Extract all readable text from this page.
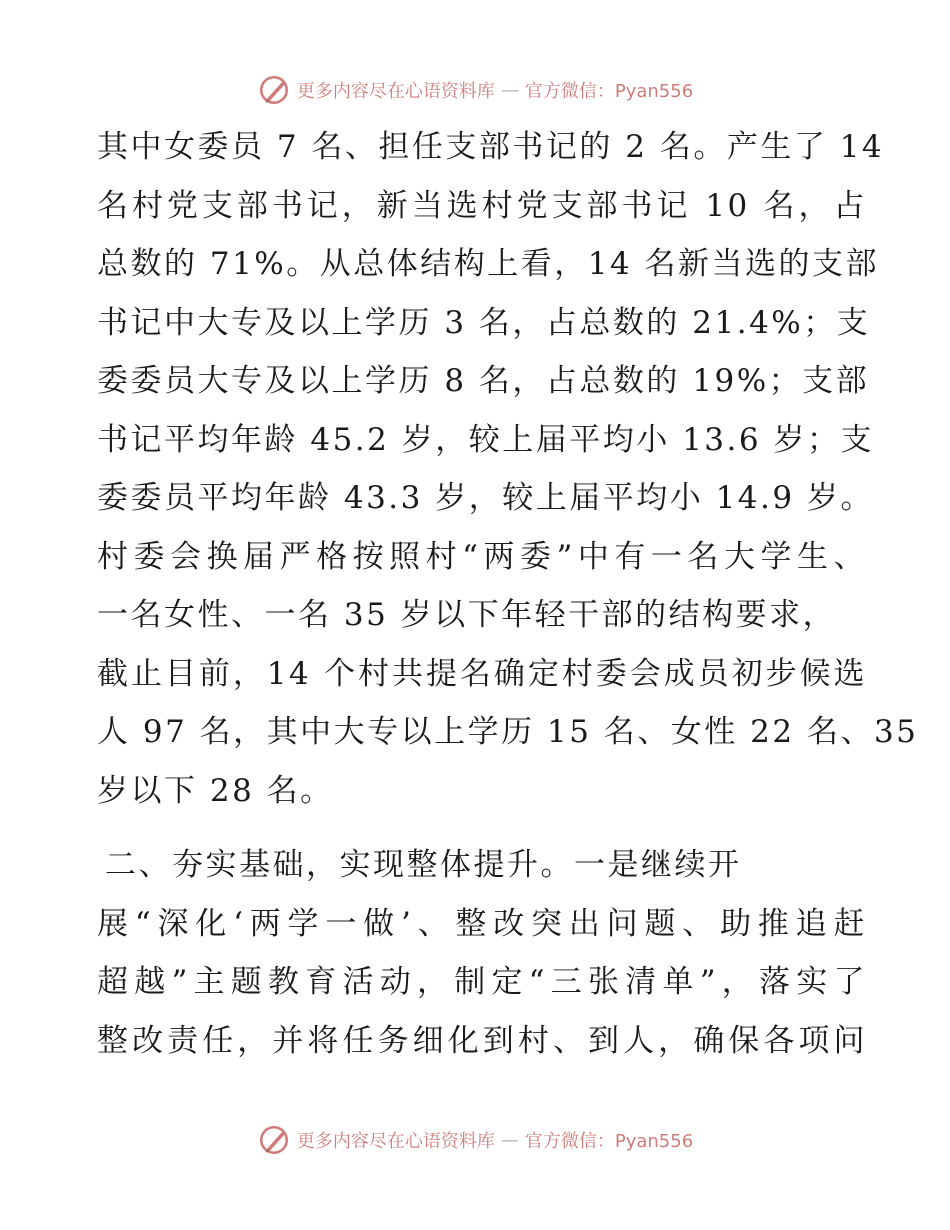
更多内容尽在心语资料库 — 官方微信：Pyan556
其中女委员 7 名、担任支部书记的 2 名。产生了 14
名村党支部书记，新当选村党支部书记 10 名，占
总数的 71%。从总体结构上看，14 名新当选的支部
书记中大专及以上学历 3 名，占总数的 21.4%；支
委委员大专及以上学历 8 名，占总数的 19%；支部
书记平均年龄 45.2 岁，较上届平均小 13.6 岁；支
委委员平均年龄 43.3 岁，较上届平均小 14.9 岁。
村委会换届严格按照村“两委”中有一名大学生、
一名女性、一名 35 岁以下年轻干部的结构要求，
截止目前，14 个村共提名确定村委会成员初步候选
人 97 名，其中大专以上学历 15 名、女性 22 名、35
岁以下 28 名。
二、夯实基础，实现整体提升。一是继续开
展“深化‘两学一做’、整改突出问题、助推追赶
超越”主题教育活动，制定“三张清单”，落实了
整改责任，并将任务细化到村、到人，确保各项问
更多内容尽在心语资料库 — 官方微信：Pyan556
